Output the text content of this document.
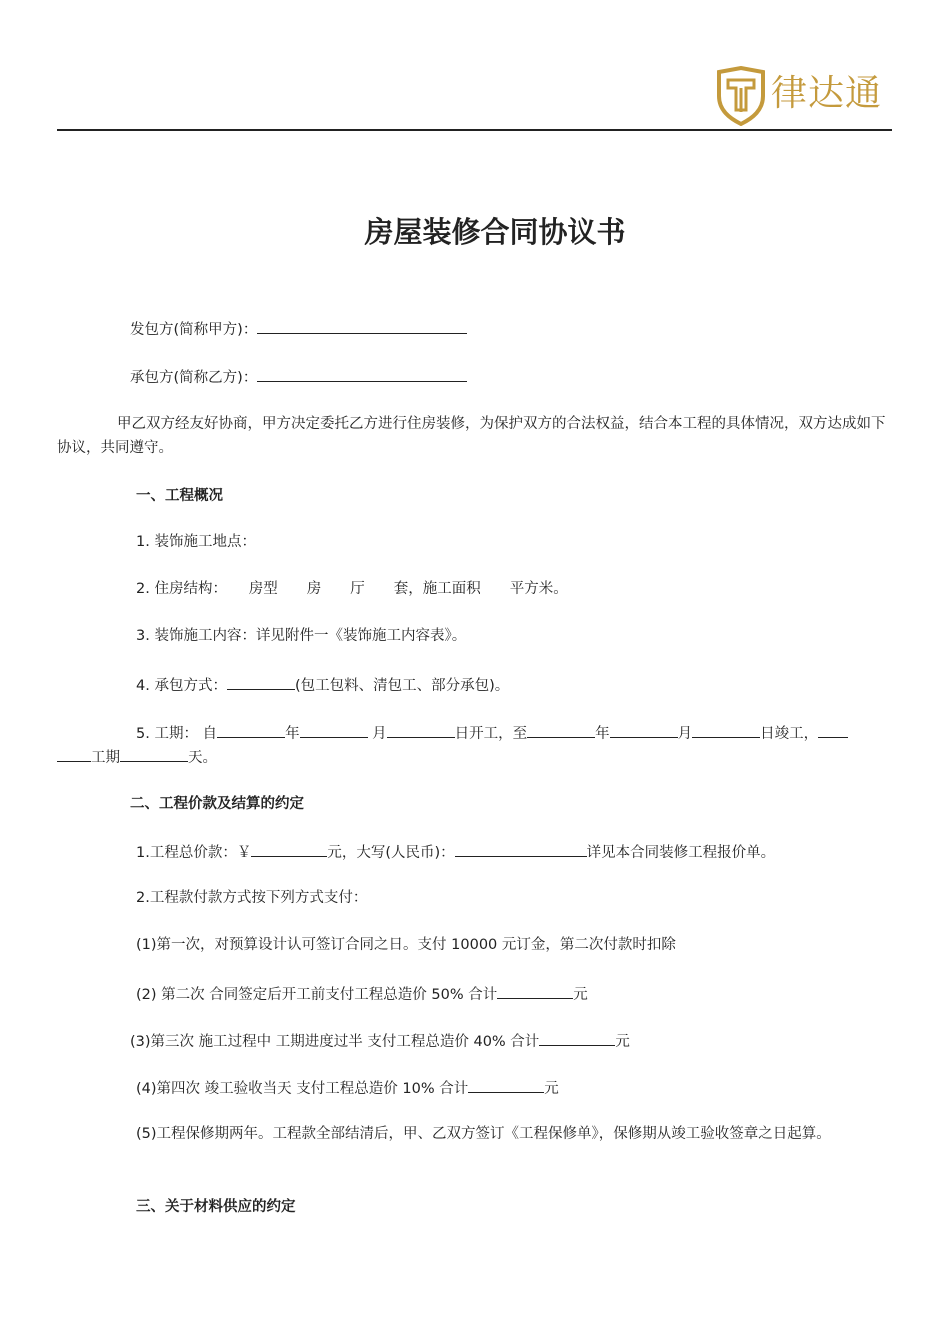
律达通
房屋装修合同协议书
发包方(简称甲方)：
承包方(简称乙方)：
甲乙双方经友好协商，甲方决定委托乙方进行住房装修，为保护双方的合法权益，结合本工程的具体情况，双方达成如下协议，共同遵守。
一、工程概况
1. 装饰施工地点：
2. 住房结构：　　房型　　房　　厅　　套，施工面积　　平方米。
3. 装饰施工内容：详见附件一《装饰施工内容表》。
4. 承包方式：	(包工包料、清包工、部分承包)。
5. 工期： 自	年	月	日开工，至	年	月	日竣工，
工期	天。
二、工程价款及结算的约定
1.工程总价款：￥	元，大写(人民币)：	详见本合同装修工程报价单。
2.工程款付款方式按下列方式支付：
(1)第一次，对预算设计认可签订合同之日。支付 10000 元订金，第二次付款时扣除
(2) 第二次 合同签定后开工前支付工程总造价 50% 合计	元
(3)第三次 施工过程中 工期进度过半 支付工程总造价 40% 合计	元
(4)第四次 竣工验收当天 支付工程总造价 10% 合计	元
(5)工程保修期两年。工程款全部结清后，甲、乙双方签订《工程保修单》，保修期从竣工验收签章之日起算。
三、关于材料供应的约定
